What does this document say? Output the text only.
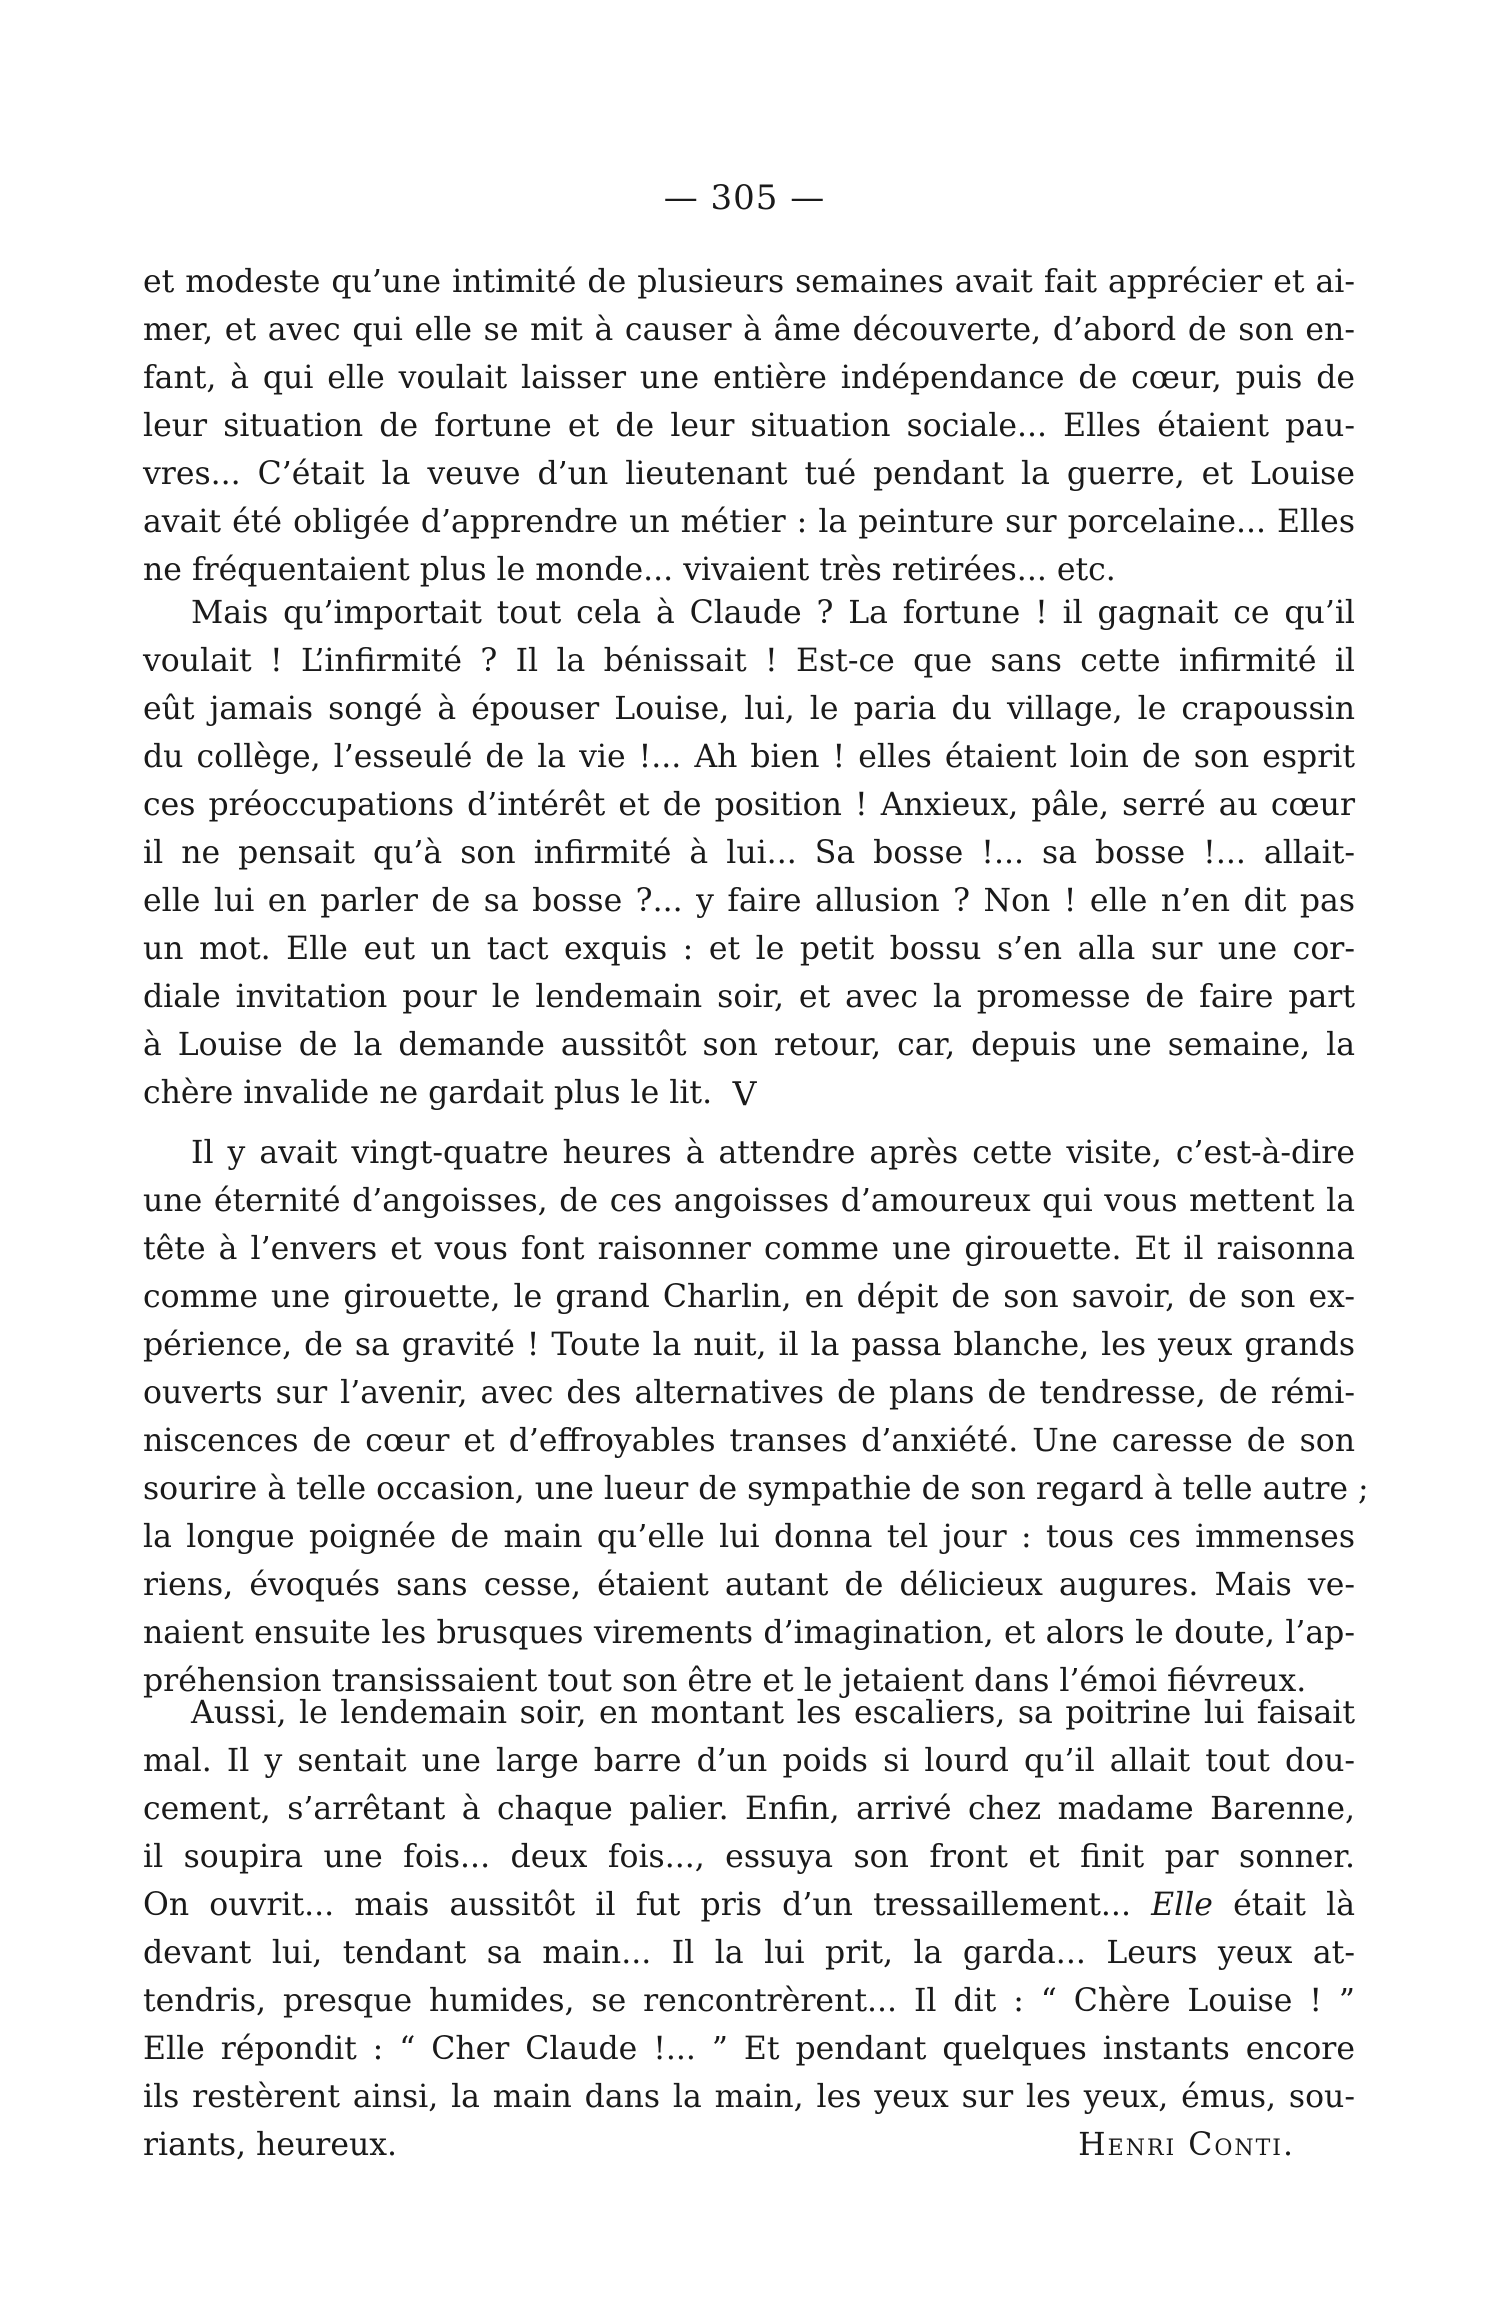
— 305 —
et modeste qu’une intimité de plusieurs semaines avait fait apprécier et ai-
mer, et avec qui elle se mit à causer à âme découverte, d’abord de son en-
fant, à qui elle voulait laisser une entière indépendance de cœur, puis de
leur situation de fortune et de leur situation sociale... Elles étaient pau-
vres... C’était la veuve d’un lieutenant tué pendant la guerre, et Louise
avait été obligée d’apprendre un métier : la peinture sur porcelaine... Elles
ne fréquentaient plus le monde... vivaient très retirées... etc.
Mais qu’importait tout cela à Claude ? La fortune ! il gagnait ce qu’il
voulait ! L’infirmité ? Il la bénissait ! Est-ce que sans cette infirmité il
eût jamais songé à épouser Louise, lui, le paria du village, le crapoussin
du collège, l’esseulé de la vie !... Ah bien ! elles étaient loin de son esprit
ces préoccupations d’intérêt et de position ! Anxieux, pâle, serré au cœur
il ne pensait qu’à son infirmité à lui... Sa bosse !... sa bosse !... allait-
elle lui en parler de sa bosse ?... y faire allusion ? Non ! elle n’en dit pas
un mot. Elle eut un tact exquis : et le petit bossu s’en alla sur une cor-
diale invitation pour le lendemain soir, et avec la promesse de faire part
à Louise de la demande aussitôt son retour, car, depuis une semaine, la
chère invalide ne gardait plus le lit. V
Il y avait vingt-quatre heures à attendre après cette visite, c’est-à-dire
une éternité d’angoisses, de ces angoisses d’amoureux qui vous mettent la
tête à l’envers et vous font raisonner comme une girouette. Et il raisonna
comme une girouette, le grand Charlin, en dépit de son savoir, de son ex-
périence, de sa gravité ! Toute la nuit, il la passa blanche, les yeux grands
ouverts sur l’avenir, avec des alternatives de plans de tendresse, de rémi-
niscences de cœur et d’effroyables transes d’anxiété. Une caresse de son
sourire à telle occasion, une lueur de sympathie de son regard à telle autre ;
la longue poignée de main qu’elle lui donna tel jour : tous ces immenses
riens, évoqués sans cesse, étaient autant de délicieux augures. Mais ve-
naient ensuite les brusques virements d’imagination, et alors le doute, l’ap-
préhension transissaient tout son être et le jetaient dans l’émoi fiévreux.
Aussi, le lendemain soir, en montant les escaliers, sa poitrine lui faisait
mal. Il y sentait une large barre d’un poids si lourd qu’il allait tout dou-
cement, s’arrêtant à chaque palier. Enfin, arrivé chez madame Barenne,
il soupira une fois... deux fois..., essuya son front et finit par sonner.
On ouvrit... mais aussitôt il fut pris d’un tressaillement... Elle était là
devant lui, tendant sa main... Il la lui prit, la garda... Leurs yeux at-
tendris, presque humides, se rencontrèrent... Il dit : “ Chère Louise ! ”
Elle répondit : “ Cher Claude !... ” Et pendant quelques instants encore
ils restèrent ainsi, la main dans la main, les yeux sur les yeux, émus, sou-
riants, heureux.	Henri Conti.
